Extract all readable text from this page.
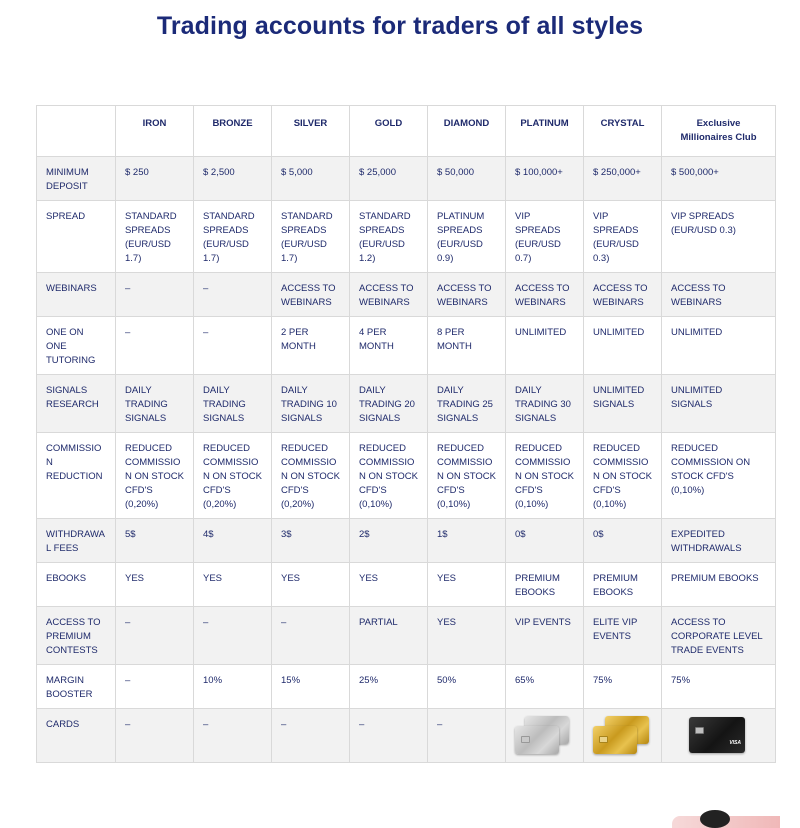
Trading accounts for traders of all styles
	IRON	BRONZE	SILVER	GOLD	DIAMOND	PLATINUM	CRYSTAL	Exclusive Millionaires Club
MINIMUM DEPOSIT	$ 250	$ 2,500	$ 5,000	$ 25,000	$ 50,000	$ 100,000+	$ 250,000+	$ 500,000+
SPREAD	STANDARD SPREADS (EUR/USD 1.7)	STANDARD SPREADS (EUR/USD 1.7)	STANDARD SPREADS (EUR/USD 1.7)	STANDARD SPREADS (EUR/USD 1.2)	PLATINUM SPREADS (EUR/USD 0.9)	VIP SPREADS (EUR/USD 0.7)	VIP SPREADS (EUR/USD 0.3)	VIP SPREADS (EUR/USD 0.3)
WEBINARS	–	–	ACCESS TO WEBINARS	ACCESS TO WEBINARS	ACCESS TO WEBINARS	ACCESS TO WEBINARS	ACCESS TO WEBINARS	ACCESS TO WEBINARS
ONE ON ONE TUTORING	–	–	2 PER MONTH	4 PER MONTH	8 PER MONTH	UNLIMITED	UNLIMITED	UNLIMITED
SIGNALS RESEARCH	DAILY TRADING SIGNALS	DAILY TRADING SIGNALS	DAILY TRADING 10 SIGNALS	DAILY TRADING 20 SIGNALS	DAILY TRADING 25 SIGNALS	DAILY TRADING 30 SIGNALS	UNLIMITED SIGNALS	UNLIMITED SIGNALS
COMMISSION REDUCTION	REDUCED COMMISSION ON STOCK CFD'S (0,20%)	REDUCED COMMISSION ON STOCK CFD'S (0,20%)	REDUCED COMMISSION ON STOCK CFD'S (0,20%)	REDUCED COMMISSION ON STOCK CFD'S (0,10%)	REDUCED COMMISSION ON STOCK CFD'S (0,10%)	REDUCED COMMISSION ON STOCK CFD'S (0,10%)	REDUCED COMMISSION ON STOCK CFD'S (0,10%)	REDUCED COMMISSION ON STOCK CFD'S (0,10%)
WITHDRAWAL FEES	5$	4$	3$	2$	1$	0$	0$	EXPEDITED WITHDRAWALS
EBOOKS	YES	YES	YES	YES	YES	PREMIUM EBOOKS	PREMIUM EBOOKS	PREMIUM EBOOKS
ACCESS TO PREMIUM CONTESTS	–	–	–	PARTIAL	YES	VIP EVENTS	ELITE VIP EVENTS	ACCESS TO CORPORATE LEVEL TRADE EVENTS
MARGIN BOOSTER	–	10%	15%	25%	50%	65%	75%	75%
CARDS	–	–	–	–	–			VISA
